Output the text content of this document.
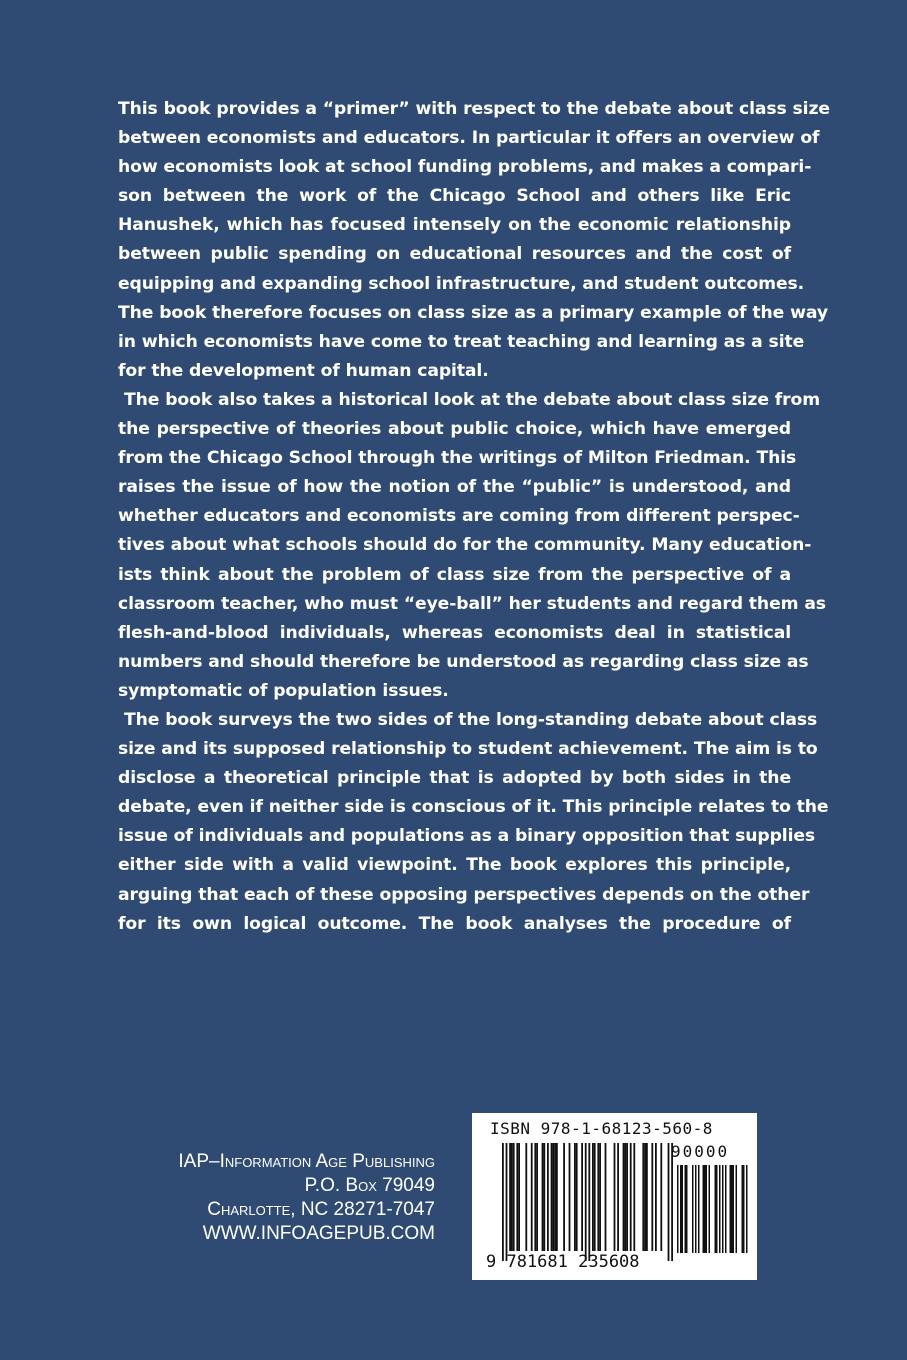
This book provides a “primer” with respect to the debate about class size
between economists and educators. In particular it offers an overview of
how economists look at school funding problems, and makes a compari-
son between the work of the Chicago School and others like Eric
Hanushek, which has focused intensely on the economic relationship
between public spending on educational resources and the cost of
equipping and expanding school infrastructure, and student outcomes.
The book therefore focuses on class size as a primary example of the way
in which economists have come to treat teaching and learning as a site
for the development of human capital.
The book also takes a historical look at the debate about class size from
the perspective of theories about public choice, which have emerged
from the Chicago School through the writings of Milton Friedman. This
raises the issue of how the notion of the “public” is understood, and
whether educators and economists are coming from different perspec-
tives about what schools should do for the community. Many education-
ists think about the problem of class size from the perspective of a
classroom teacher, who must “eye-ball” her students and regard them as
flesh-and-blood individuals, whereas economists deal in statistical
numbers and should therefore be understood as regarding class size as
symptomatic of population issues.
The book surveys the two sides of the long-standing debate about class
size and its supposed relationship to student achievement. The aim is to
disclose a theoretical principle that is adopted by both sides in the
debate, even if neither side is conscious of it. This principle relates to the
issue of individuals and populations as a binary opposition that supplies
either side with a valid viewpoint. The book explores this principle,
arguing that each of these opposing perspectives depends on the other
for its own logical outcome. The book analyses the procedure of
IAP–Information Age Publishing
P.O. Box 79049
Charlotte, NC 28271-7047
WWW.INFOAGEPUB.COM
ISBN 978-1-68123-560-8
90000
9 781681 235608
